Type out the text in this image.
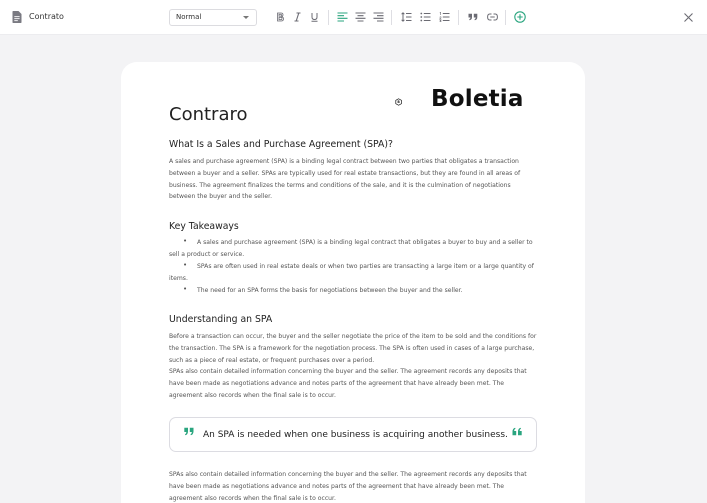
Contrato	Normal
B Boletia
Contraro
What Is a Sales and Purchase Agreement (SPA)?
A sales and purchase agreement (SPA) is a binding legal contract between two parties that obligates a transaction between a buyer and a seller. SPAs are typically used for real estate transactions, but they are found in all areas of business. The agreement finalizes the terms and conditions of the sale, and it is the culmination of negotiations between the buyer and the seller.
Key Takeaways
•	A sales and purchase agreement (SPA) is a binding legal contract that obligates a buyer to buy and a seller to sell a product or service.
•	SPAs are often used in real estate deals or when two parties are transacting a large item or a large quantity of items.
•	The need for an SPA forms the basis for negotiations between the buyer and the seller.
Understanding an SPA
Before a transaction can occur, the buyer and the seller negotiate the price of the item to be sold and the conditions for the transaction. The SPA is a framework for the negotiation process. The SPA is often used in cases of a large purchase, such as a piece of real estate, or frequent purchases over a period.
SPAs also contain detailed information concerning the buyer and the seller. The agreement records any deposits that have been made as negotiations advance and notes parts of the agreement that have already been met. The agreement also records when the final sale is to occur.
An SPA is needed when one business is acquiring another business.
SPAs also contain detailed information concerning the buyer and the seller. The agreement records any deposits that have been made as negotiations advance and notes parts of the agreement that have already been met. The agreement also records when the final sale is to occur.
